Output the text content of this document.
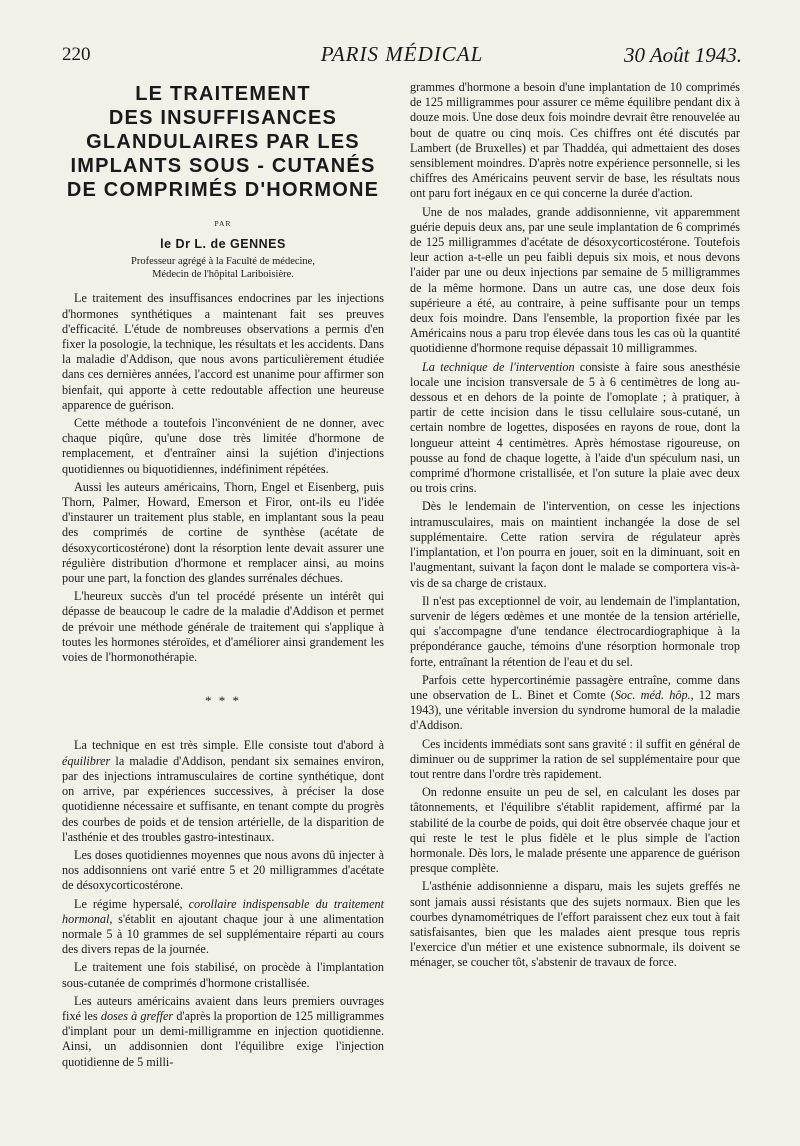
220	PARIS MÉDICAL	30 Août 1943.
LE TRAITEMENT
DES INSUFFISANCES
GLANDULAIRES PAR LES
IMPLANTS SOUS - CUTANÉS
DE COMPRIMÉS D'HORMONE
PAR
le Dr L. de GENNES
Professeur agrégé à la Faculté de médecine,
Médecin de l'hôpital Lariboisière.

Le traitement des insuffisances endocrines par les injections d'hormones synthétiques a maintenant fait ses preuves d'efficacité. L'étude de nombreuses observations a permis d'en fixer la posologie, la technique, les résultats et les accidents. Dans la maladie d'Addison, que nous avons particulièrement étudiée dans ces dernières années, l'accord est unanime pour affirmer son bienfait, qui apporte à cette redoutable affection une heureuse apparence de guérison.

Cette méthode a toutefois l'inconvénient de ne donner, avec chaque piqûre, qu'une dose très limitée d'hormone de remplacement, et d'entraîner ainsi la sujétion d'injections quotidiennes ou biquotidiennes, indéfiniment répétées.

Aussi les auteurs américains, Thorn, Engel et Eisenberg, puis Thorn, Palmer, Howard, Emerson et Firor, ont-ils eu l'idée d'instaurer un traitement plus stable, en implantant sous la peau des comprimés de cortine de synthèse (acétate de désoxycorticostérone) dont la résorption lente devait assurer une régulière distribution d'hormone et remplacer ainsi, au moins pour une part, la fonction des glandes surrénales déchues.

L'heureux succès d'un tel procédé présente un intérêt qui dépasse de beaucoup le cadre de la maladie d'Addison et permet de prévoir une méthode générale de traitement qui s'applique à toutes les hormones stéroïdes, et d'améliorer ainsi grandement les voies de l'hormonothérapie.

* * *

La technique en est très simple. Elle consiste tout d'abord à équilibrer la maladie d'Addison, pendant six semaines environ, par des injections intramusculaires de cortine synthétique, dont on arrive, par expériences successives, à préciser la dose quotidienne nécessaire et suffisante, en tenant compte du progrès des courbes de poids et de tension artérielle, de la disparition de l'asthénie et des troubles gastro-intestinaux.

Les doses quotidiennes moyennes que nous avons dû injecter à nos addisonniens ont varié entre 5 et 20 milligrammes d'acétate de désoxycorticostérone.

Le régime hypersalé, corollaire indispensable du traitement hormonal, s'établit en ajoutant chaque jour à une alimentation normale 5 à 10 grammes de sel supplémentaire réparti au cours des divers repas de la journée.

Le traitement une fois stabilisé, on procède à l'implantation sous-cutanée de comprimés d'hormone cristallisée.

Les auteurs américains avaient dans leurs premiers ouvrages fixé les doses à greffer d'après la proportion de 125 milligrammes d'implant pour un demi-milligramme en injection quotidienne. Ainsi, un addisonnien dont l'équilibre exige l'injection quotidienne de 5 milli-

grammes d'hormone a besoin d'une implantation de 10 comprimés de 125 milligrammes pour assurer ce même équilibre pendant dix à douze mois. Une dose deux fois moindre devrait être renouvelée au bout de quatre ou cinq mois. Ces chiffres ont été discutés par Lambert (de Bruxelles) et par Thaddéa, qui admettaient des doses sensiblement moindres. D'après notre expérience personnelle, si les chiffres des Américains peuvent servir de base, les résultats nous ont paru fort inégaux en ce qui concerne la durée d'action.

Une de nos malades, grande addisonnienne, vit apparemment guérie depuis deux ans, par une seule implantation de 6 comprimés de 125 milligrammes d'acétate de désoxycorticostérone. Toutefois leur action a-t-elle un peu faibli depuis six mois, et nous devons l'aider par une ou deux injections par semaine de 5 milligrammes de la même hormone. Dans un autre cas, une dose deux fois supérieure a été, au contraire, à peine suffisante pour un temps deux fois moindre. Dans l'ensemble, la proportion fixée par les Américains nous a paru trop élevée dans tous les cas où la quantité quotidienne d'hormone requise dépassait 10 milligrammes.

La technique de l'intervention consiste à faire sous anesthésie locale une incision transversale de 5 à 6 centimètres de long au-dessous et en dehors de la pointe de l'omoplate ; à pratiquer, à partir de cette incision dans le tissu cellulaire sous-cutané, un certain nombre de logettes, disposées en rayons de roue, dont la longueur atteint 4 centimètres. Après hémostase rigoureuse, on pousse au fond de chaque logette, à l'aide d'un spéculum nasi, un comprimé d'hormone cristallisée, et l'on suture la plaie avec deux ou trois crins.

Dès le lendemain de l'intervention, on cesse les injections intramusculaires, mais on maintient inchangée la dose de sel supplémentaire. Cette ration servira de régulateur après l'implantation, et l'on pourra en jouer, soit en la diminuant, soit en l'augmentant, suivant la façon dont le malade se comportera vis-à-vis de sa charge de cristaux.

Il n'est pas exceptionnel de voir, au lendemain de l'implantation, survenir de légers œdèmes et une montée de la tension artérielle, qui s'accompagne d'une tendance électrocardiographique à la prépondérance gauche, témoins d'une résorption hormonale trop forte, entraînant la rétention de l'eau et du sel.

Parfois cette hypercortinémie passagère entraîne, comme dans une observation de L. Binet et Comte (Soc. méd. hôp., 12 mars 1943), une véritable inversion du syndrome humoral de la maladie d'Addison.

Ces incidents immédiats sont sans gravité : il suffit en général de diminuer ou de supprimer la ration de sel supplémentaire pour que tout rentre dans l'ordre très rapidement.

On redonne ensuite un peu de sel, en calculant les doses par tâtonnements, et l'équilibre s'établit rapidement, affirmé par la stabilité de la courbe de poids, qui doit être observée chaque jour et qui reste le test le plus fidèle et le plus simple de l'action hormonale. Dès lors, le malade présente une apparence de guérison presque complète.

L'asthénie addisonnienne a disparu, mais les sujets greffés ne sont jamais aussi résistants que des sujets normaux. Bien que les courbes dynamométriques de l'effort paraissent chez eux tout à fait satisfaisantes, bien que les malades aient presque tous repris l'exercice d'un métier et une existence subnormale, ils doivent se ménager, se coucher tôt, s'abstenir de travaux de force.
